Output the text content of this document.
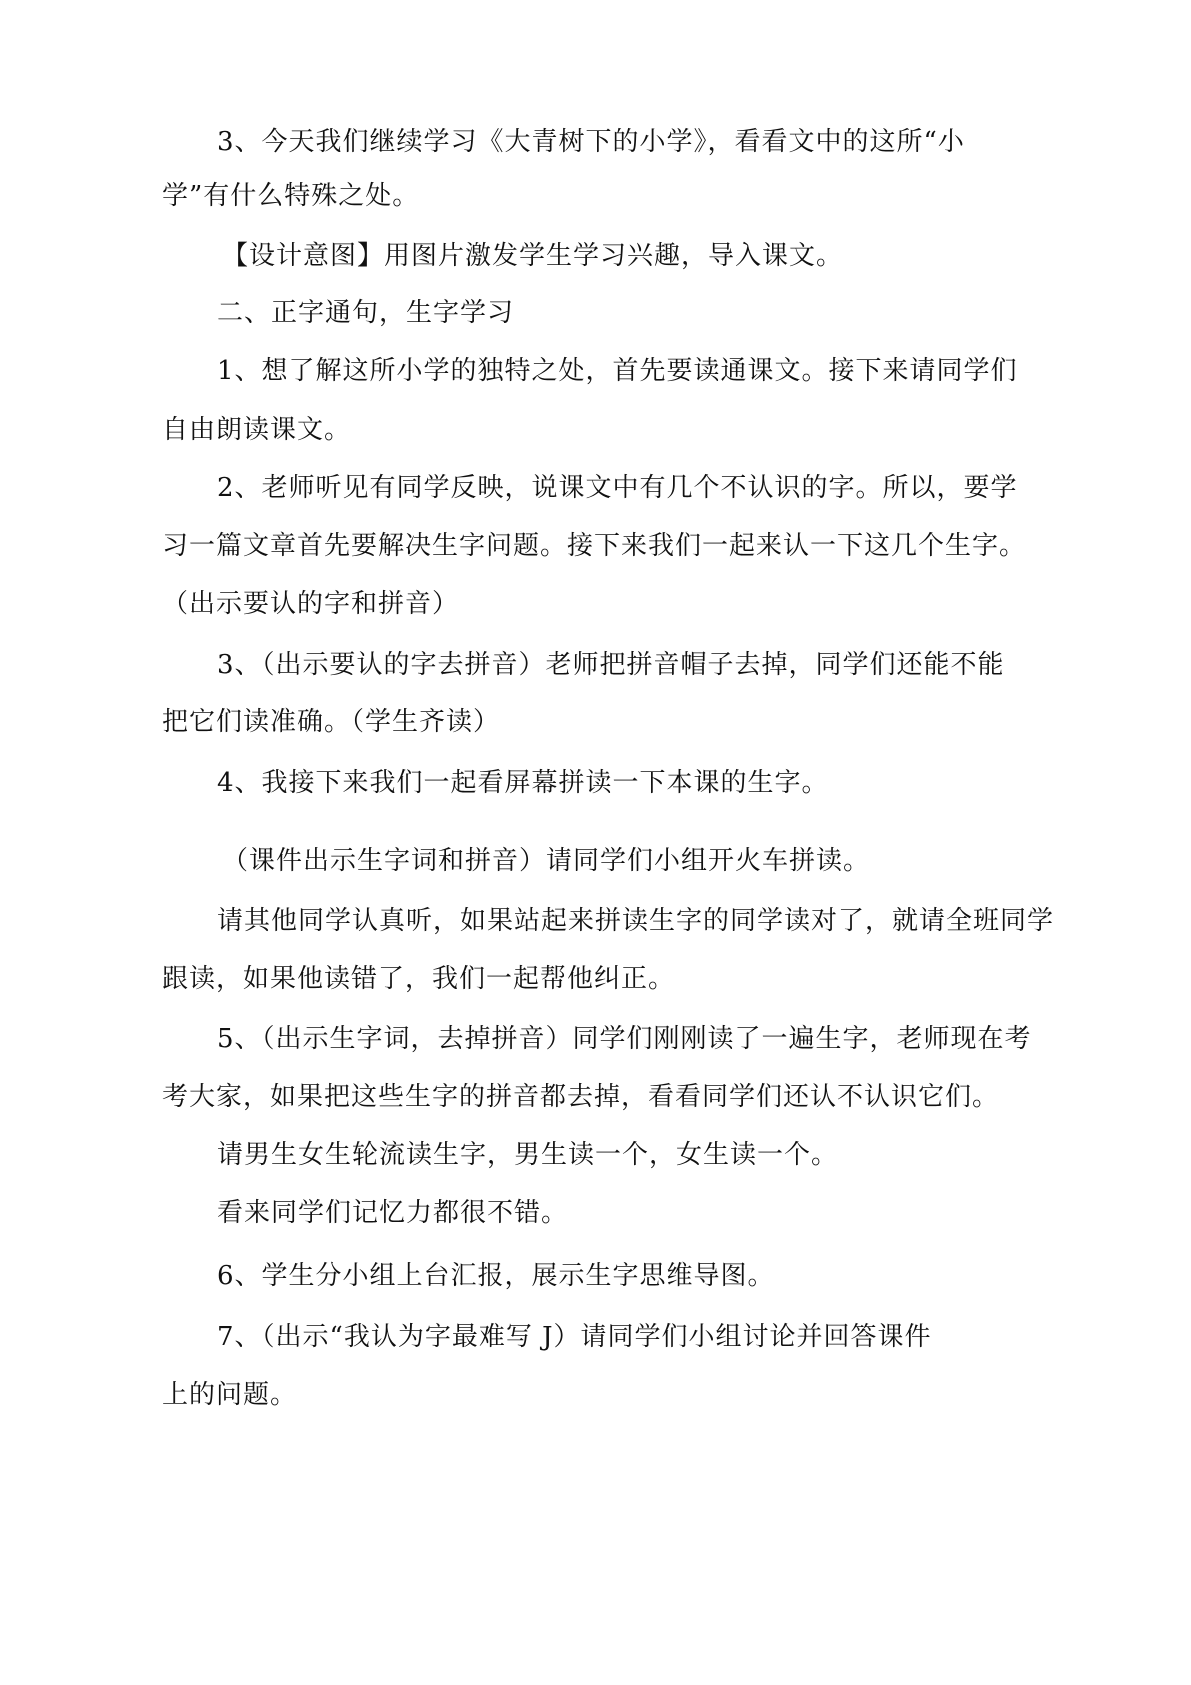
3、今天我们继续学习《大青树下的小学》，看看文中的这所“小
学”有什么特殊之处。
【设计意图】用图片激发学生学习兴趣，导入课文。
二、正字通句，生字学习
1、想了解这所小学的独特之处，首先要读通课文。接下来请同学们
自由朗读课文。
2、老师听见有同学反映，说课文中有几个不认识的字。所以，要学
习一篇文章首先要解决生字问题。接下来我们一起来认一下这几个生字。
（出示要认的字和拼音）
3、（出示要认的字去拼音）老师把拼音帽子去掉，同学们还能不能
把它们读准确。（学生齐读）
4、我接下来我们一起看屏幕拼读一下本课的生字。
（课件出示生字词和拼音）请同学们小组开火车拼读。
请其他同学认真听，如果站起来拼读生字的同学读对了，就请全班同学
跟读，如果他读错了，我们一起帮他纠正。
5、（出示生字词，去掉拼音）同学们刚刚读了一遍生字，老师现在考
考大家，如果把这些生字的拼音都去掉，看看同学们还认不认识它们。
请男生女生轮流读生字，男生读一个，女生读一个。
看来同学们记忆力都很不错。
6、学生分小组上台汇报，展示生字思维导图。
7、（出示“我认为字最难写 J）请同学们小组讨论并回答课件
上的问题。
